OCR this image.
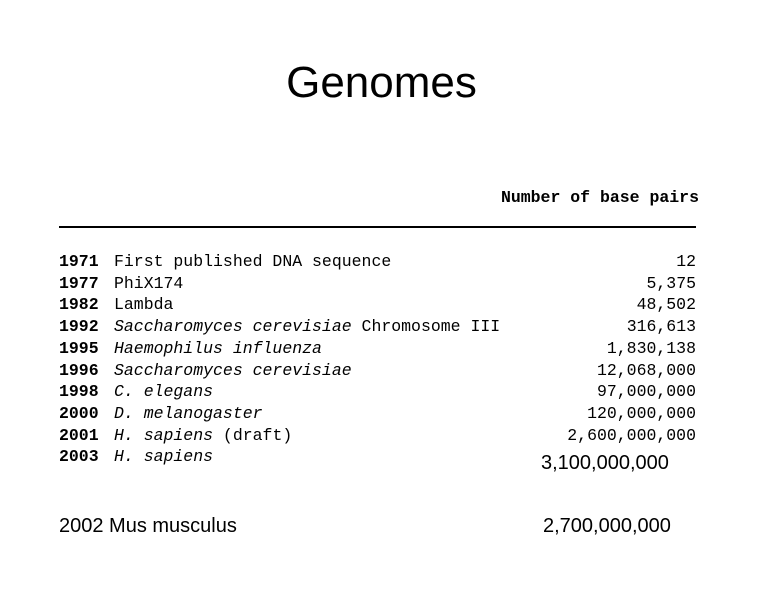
Genomes
Number of base pairs
1971 First published DNA sequence	12
1977 PhiX174	5,375
1982 Lambda	48,502
1992 Saccharomyces cerevisiae Chromosome III	316,613
1995 Haemophilus influenza	1,830,138
1996 Saccharomyces cerevisiae	12,068,000
1998 C. elegans	97,000,000
2000 D. melanogaster	120,000,000
2001 H. sapiens (draft)	2,600,000,000
2003 H. sapiens	3,100,000,000
2002 Mus musculus	2,700,000,000
